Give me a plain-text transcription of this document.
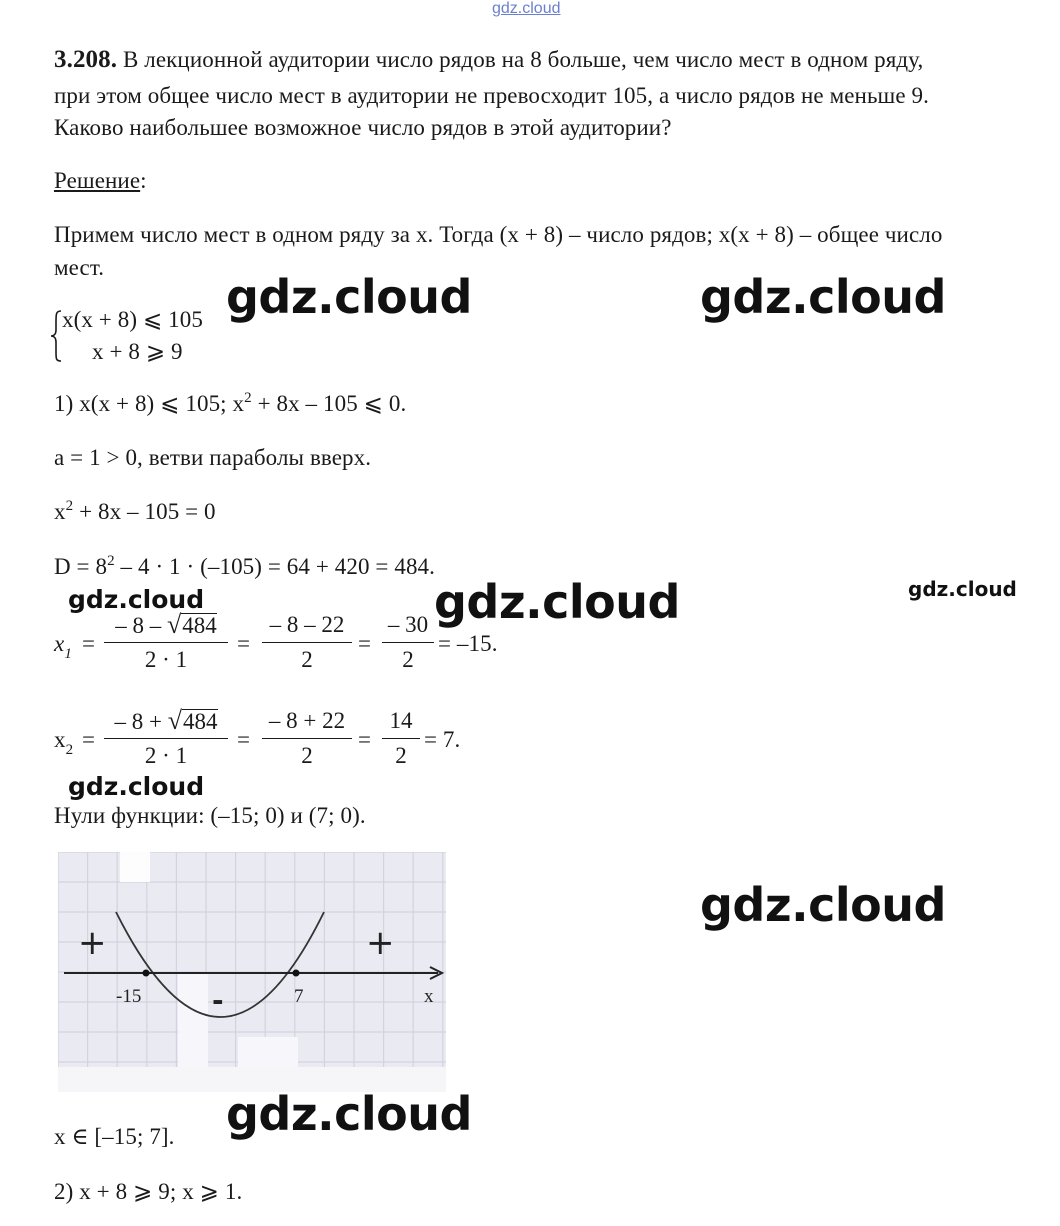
gdz.cloud
3.208. В лекционной аудитории число рядов на 8 больше, чем число мест в одном ряду,
при этом общее число мест в аудитории не превосходит 105, а число рядов не меньше 9.
Каково наибольшее возможное число рядов в этой аудитории?
Решение:
Примем число мест в одном ряду за x. Тогда (x + 8) – число рядов; x(x + 8) – общее число
мест.
x(x + 8) ⩽ 105
x + 8 ⩾ 9
1) x(x + 8) ⩽ 105; $x^2 + 8x - 105$ ⩽ 0.
a = 1 > 0, ветви параболы вверх.
$x^2 + 8x - 105 = 0$
$D = 8^2 - 4 \cdot 1 \cdot (-105) = 64 + 420 = 484$.
$x_1$ =
– 8 – √484
2 · 1
=
– 8 – 22
2
=
– 30
2
= –15.
$x_2$ =
– 8 + √484
2 · 1
=
– 8 + 22
2
=
14
2
= 7.
Нули функции: (–15; 0) и (7; 0).
+	+
-
-15	7	x
x ∈ [–15; 7].
2) x + 8 ⩾ 9; x ⩾ 1.
gdz.cloud	gdz.cloud
gdz.cloud	gdz.cloud	gdz.cloud
gdz.cloud
gdz.cloud
gdz.cloud
